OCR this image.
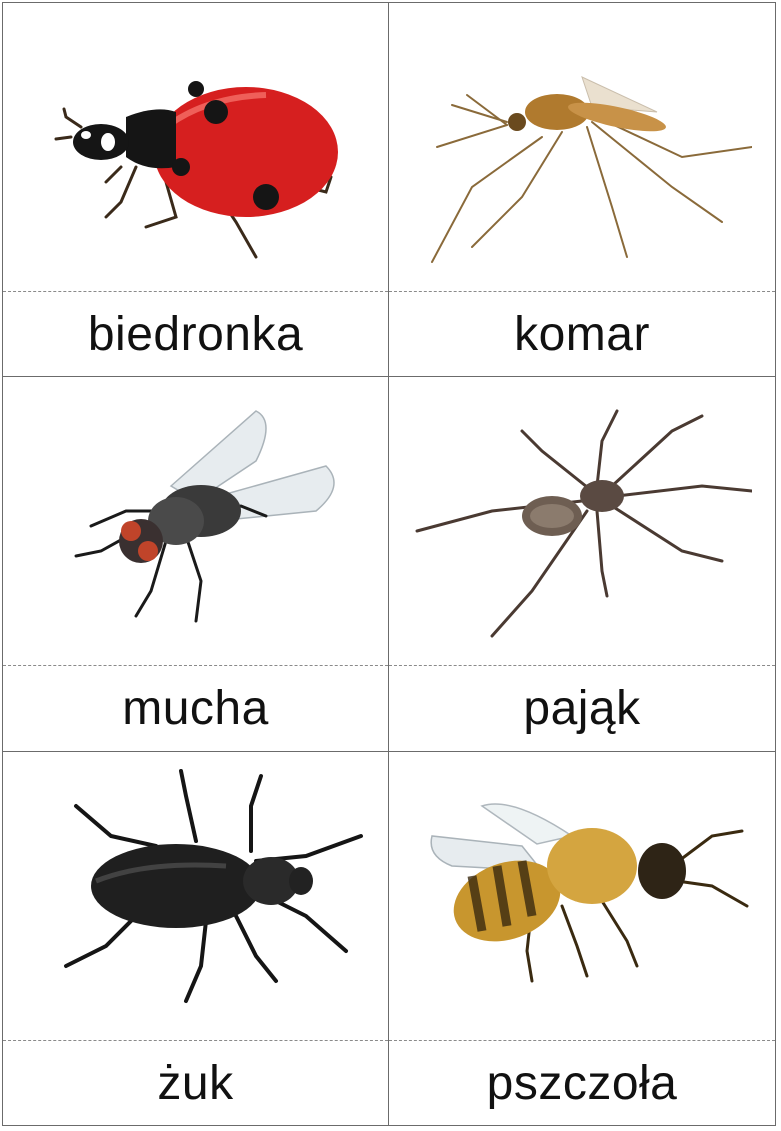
biedronka	komar
mucha	pająk
żuk	pszczoła
